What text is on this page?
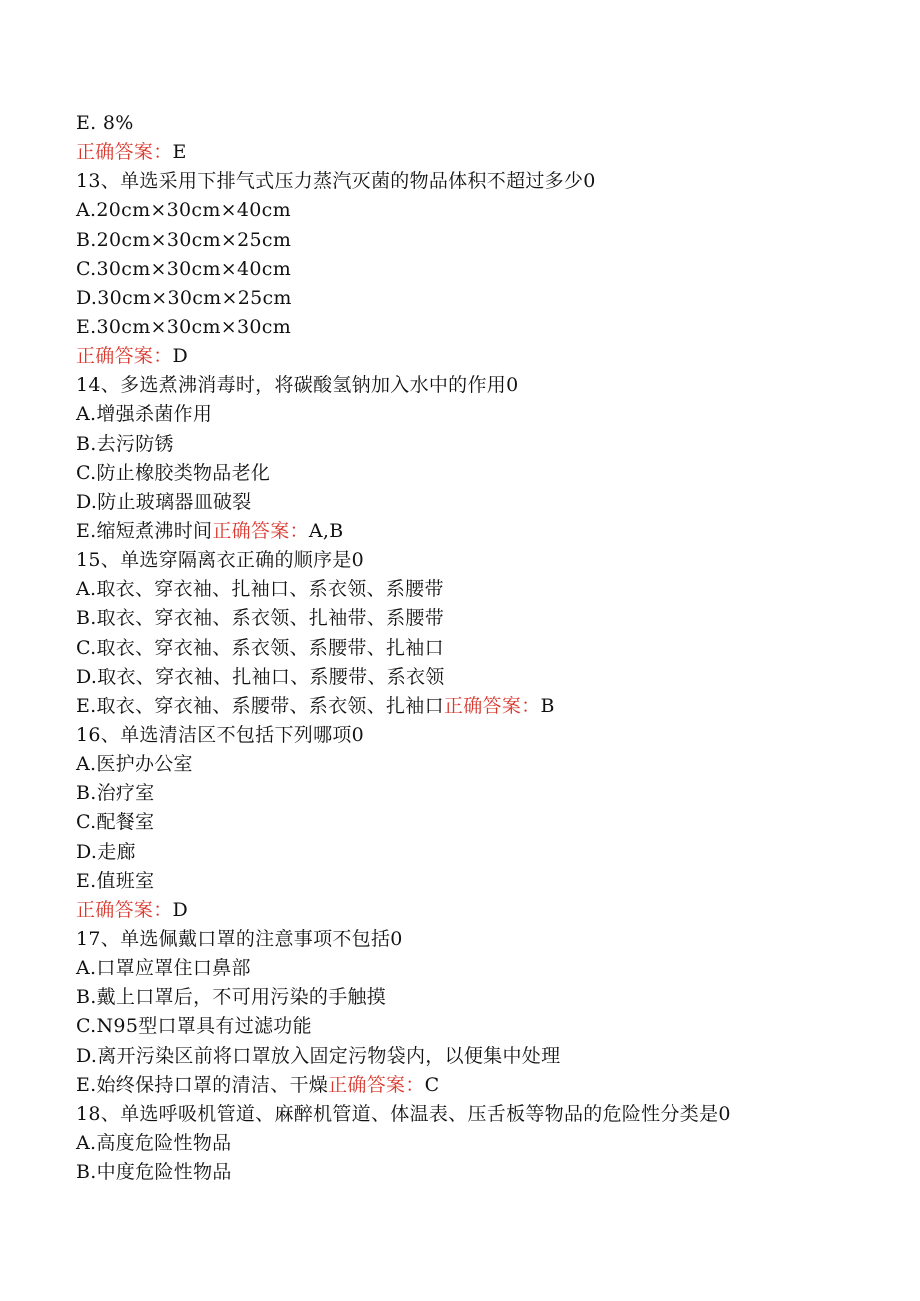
E. 8%
正确答案：E
13、单选采用下排气式压力蒸汽灭菌的物品体积不超过多少0
A.20cm×30cm×40cm
B.20cm×30cm×25cm
C.30cm×30cm×40cm
D.30cm×30cm×25cm
E.30cm×30cm×30cm
正确答案：D
14、多选煮沸消毒时，将碳酸氢钠加入水中的作用0
A.增强杀菌作用
B.去污防锈
C.防止橡胶类物品老化
D.防止玻璃器皿破裂
E.缩短煮沸时间正确答案：A,B
15、单选穿隔离衣正确的顺序是0
A.取衣、穿衣袖、扎袖口、系衣领、系腰带
B.取衣、穿衣袖、系衣领、扎袖带、系腰带
C.取衣、穿衣袖、系衣领、系腰带、扎袖口
D.取衣、穿衣袖、扎袖口、系腰带、系衣领
E.取衣、穿衣袖、系腰带、系衣领、扎袖口正确答案：B
16、单选清洁区不包括下列哪项0
A.医护办公室
B.治疗室
C.配餐室
D.走廊
E.值班室
正确答案：D
17、单选佩戴口罩的注意事项不包括0
A.口罩应罩住口鼻部
B.戴上口罩后，不可用污染的手触摸
C.N95型口罩具有过滤功能
D.离开污染区前将口罩放入固定污物袋内，以便集中处理
E.始终保持口罩的清洁、干燥正确答案：C
18、单选呼吸机管道、麻醉机管道、体温表、压舌板等物品的危险性分类是0
A.高度危险性物品
B.中度危险性物品
